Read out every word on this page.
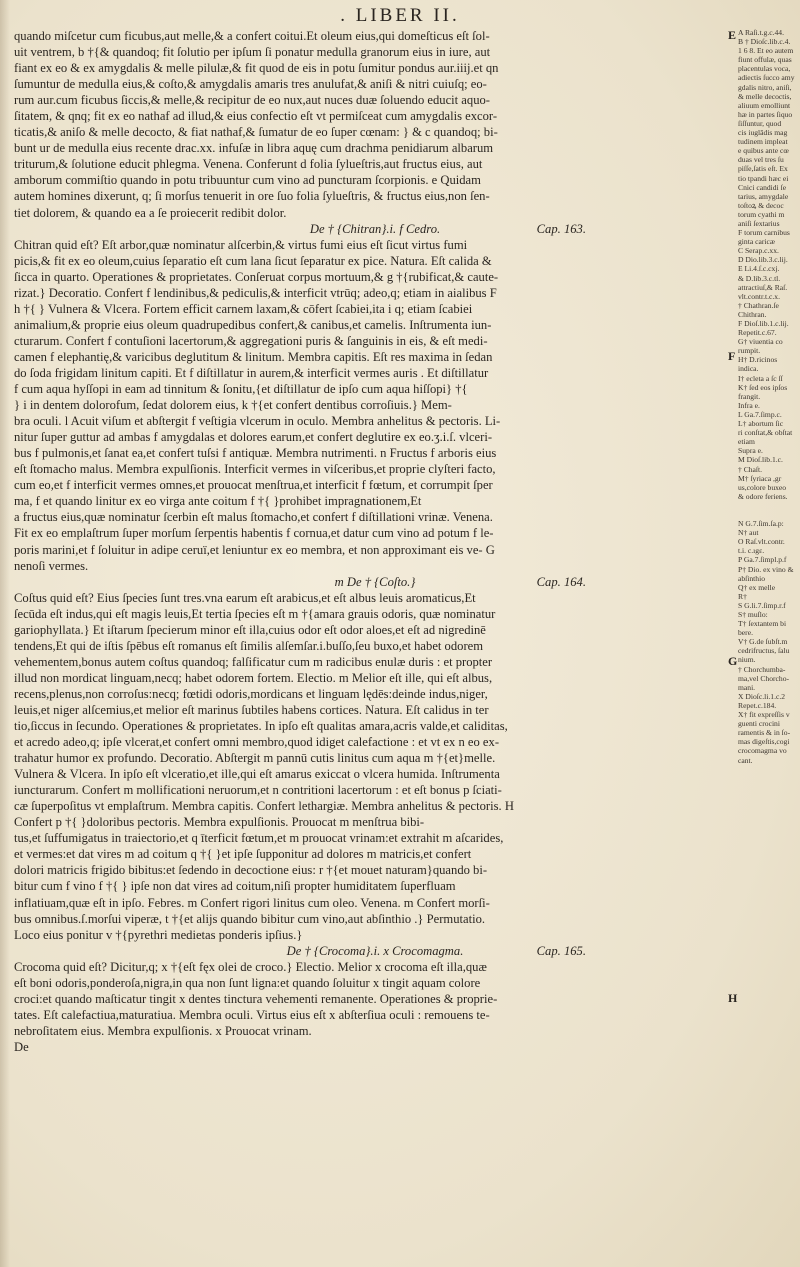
. LIBER II.

quando miſcetur cum ficubus,aut melle,& a confert coitui.Et oleum eius,qui domeſticus eſt ſol-

uit ventrem, b †{& quandoq; fit ſolutio per ipſum ſi ponatur medulla granorum eius in iure, aut

fiant ex eo & ex amygdalis & melle pilulæ,& fit quod de eis in potu ſumitur pondus aur.iiij.et qn

ſumuntur de medulla eius,& coſto,& amygdalis amaris tres anulufat,& aniſi & nitri cuiuſq; eo-

rum aur.cum ficubus ſiccis,& melle,& recipitur de eo nux,aut nuces duæ ſoluendo educit aquo-

ſitatem, & qnq; fit ex eo nathaf ad illud,& eius confectio eſt vt permiſceat cum amygdalis excor-

ticatis,& aniſo & melle decocto, & fiat nathaf,& ſumatur de eo ſuper cœnam: } & c quandoq; bi-

bunt ur de medulla eius recente drac.xx. infuſæ in libra aquę cum drachma penidiarum albarum

triturum,& ſolutione educit phlegma. Venena. Conferunt d folia ſylueſtris,aut fructus eius, aut

amborum commiſtio quando in potu tribuuntur cum vino ad puncturam ſcorpionis. e Quidam

autem homines dixerunt, q; ſi morſus tenuerit in ore ſuo folia ſylueſtris, & fructus eius,non ſen-

tiet dolorem, & quando ea a ſe proiecerit redibit dolor.

De † {Chitran}.i. f Cedro.	Cap. 163.

Chitran quid eſt? Eſt arbor,quæ nominatur alſcerbin,& virtus fumi eius eſt ſicut virtus fumi

picis,& fit ex eo oleum,cuius ſeparatio eſt cum lana ſicut ſeparatur ex pice. Natura. Eſt calida &

ſicca in quarto. Operationes & proprietates. Conſeruat corpus mortuum,& g †{rubificat,& caute-

rizat.} Decoratio. Confert f lendinibus,& pediculis,& interficit vtrūq; adeo,q; etiam in aialibus F

h †{ } Vulnera & Vlcera. Fortem efficit carnem laxam,& cōfert ſcabiei,ita i q; etiam ſcabiei

animalium,& proprie eius oleum quadrupedibus confert,& canibus,et camelis. Inſtrumenta iun-

cturarum. Confert f contuſioni lacertorum,& aggregationi puris & ſanguinis in eis, & eſt medi-

camen f elephantię,& varicibus deglutitum & linitum. Membra capitis. Eſt res maxima in ſedan

do ſoda frigidam linitum capiti. Et f diſtillatur in aurem,& interficit vermes auris . Et diſtillatur

f cum aqua hyſſopi in eam ad tinnitum & ſonitu,{et diſtillatur de ipſo cum aqua hiſſopi} †{

} i in dentem dolorofum, ſedat dolorem eius, k †{et confert dentibus corroſiuis.} Mem-

bra oculi. l Acuit viſum et abſtergit f veſtigia vlcerum in oculo. Membra anhelitus & pectoris. Li-

nitur ſuper guttur ad ambas f amygdalas et dolores earum,et confert deglutire ex eo.ʒ.i.ſ. vlceri-

bus f pulmonis,et ſanat ea,et confert tuſsi f antiquæ. Membra nutrimenti. n Fructus f arboris eius

eſt ſtomacho malus. Membra expulſionis. Interficit vermes in viſceribus,et proprie clyſteri facto,

cum eo,et f interficit vermes omnes,et prouocat menſtrua,et interficit f fœtum, et corrumpit ſper

ma, f et quando linitur ex eo virga ante coitum f †{ }prohibet impragnationem,Et

a fructus eius,quæ nominatur ſcerbin eſt malus ſtomacho,et confert f diſtillationi vrinæ. Venena.

Fit ex eo emplaſtrum ſuper morſum ſerpentis habentis f cornua,et datur cum vino ad potum f le-

poris marini,et f ſoluitur in adipe ceruï,et leniuntur ex eo membra, et non approximant eis ve- G

nenoſi vermes.

m De † {Coſto.}	Cap. 164.

Coſtus quid eſt? Eius ſpecies ſunt tres.vna earum eſt arabicus,et eſt albus leuis aromaticus,Et

ſecūda eſt indus,qui eſt magis leuis,Et tertia ſpecies eſt m †{amara grauis odoris, quæ nominatur

gariophyllata.} Et iſtarum ſpecierum minor eſt illa,cuius odor eſt odor aloes,et eſt ad nigredinē

tendens,Et qui de iſtis ſpēbus eſt romanus eſt ſimilis alſemſar.i.buſſo,ſeu buxo,et habet odorem

vehementem,bonus autem coſtus quandoq; falſificatur cum m radicibus enulæ duris : et propter

illud non mordicat linguam,necq; habet odorem fortem. Electio. m Melior eſt ille, qui eſt albus,

recens,plenus,non corroſus:necq; fœtidi odoris,mordicans et linguam lędēs:deinde indus,niger,

leuis,et niger alſcemius,et melior eſt marinus ſubtiles habens cortices. Natura. Eſt calidus in ter

tio,ſiccus in ſecundo. Operationes & proprietates. In ipſo eſt qualitas amara,acris valde,et caliditas,

et acredo adeo,q; ipſe vlcerat,et confert omni membro,quod idiget calefactione : et vt ex n eo ex-

trahatur humor ex profundo. Decoratio. Abſtergit m pannū cutis linitus cum aqua m †{et}melle.

Vulnera & Vlcera. In ipſo eſt vlceratio,et ille,qui eſt amarus exiccat o vlcera humida. Inſtrumenta

iuncturarum. Confert m mollificationi neruorum,et n contritioni lacertorum : et eſt bonus p ſciati-

cæ ſuperpoſitus vt emplaſtrum. Membra capitis. Confert lethargiæ. Membra anhelitus & pectoris. H

Confert p †{ }doloribus pectoris. Membra expulſionis. Prouocat m menſtrua bibi-

tus,et ſuffumigatus in traiectorio,et q īterficit fœtum,et m prouocat vrinam:et extrahit m aſcarides,

et vermes:et dat vires m ad coitum q †{ }et ipſe ſupponitur ad dolores m matricis,et confert

dolori matricis frigido bibitus:et ſedendo in decoctione eius: r †{et mouet naturam}quando bi-

bitur cum f vino f †{ } ipſe non dat vires ad coitum,niſi propter humiditatem ſuperfluam

inflatiuam,quæ eſt in ipſo. Febres. m Confert rigori linitus cum oleo. Venena. m Confert morſi-

bus omnibus.ſ.morſui viperæ, t †{et alijs quando bibitur cum vino,aut abſinthio .} Permutatio.

Loco eius ponitur v †{pyrethri medietas ponderis ipſius.}

De † {Crocoma}.i. x Crocomagma.	Cap. 165.

Crocoma quid eſt? Dicitur,q; x †{eſt fęx olei de croco.} Electio. Melior x crocoma eſt illa,quæ

eſt boni odoris,ponderoſa,nigra,in qua non ſunt ligna:et quando ſoluitur x tingit aquam colore

croci:et quando maſticatur tingit x dentes tinctura vehementi remanente. Operationes & proprie-

tates. Eſt calefactiua,maturatiua. Membra oculi. Virtus eius eſt x abſterſiua oculi : remouens te-

nebroſitatem eius. Membra expulſionis. x Prouocat vrinam.

De

E
F
G
H
A Raſi.t.g.c.44.
B † Dioſc.lib.c.4.
1 6 8. Et eo autem
fiunt offulæ, quas
placentulas voca,
adiectis ſucco amy
gdalis nitro, aniſi,
& melle decoctis,
aliuum emolliunt
hæ in partes ſiquo
ſiſſuntur, quod
cis iuglādis mag
tudinem impleat
e quibus ante cœ
duas vel tres ſu
piſſe,ſatis eſt. Ex
tio tpandi hæc ei
Cnici candidi ſe
tarius, amygdale
toſtoꝝ & decoc
torum cyathi m
aniſi ſextarius
F torum carnibus
ginta caricæ
C Serap.c.xx.
D Dio.lib.3.c.lij.
E Li.4.ſ.c.cxj.
& D.lib.3.c.tl.
attractiuſ,& Raſ.
vlt.contr.t.c.x.
† Chathran.ſe
Chithran.
F Dioſ.lib.1.c.lij.
Repetit.c.67.
G† viuentia co
rumpit.
H† D.ricinos
indica.
I† ecleta a ſc ſſ
K† ſed eos ipſos
frangit.
Infra e.
L Ga.7.ſimp.c.
L† abortum ſic
ri conſtat,& obſtat
etiam
Supra e.
M Dioſ.lib.1.c.
† Chaſt.
M† ſyriaca ,gr
us,colore buxeo
& odore feriens.

N G.7.ſim.ſa.p:
N† aut
O Raſ.vlt.contr.
t.i. c.ıgε.
P Ga.7.ſimpl.p.f
P† Dio. ex vino &
abſinthio
Q† ex melle
R†
S G.li.7.ſimp.r.f
S† muſlo:
T† ſextantem bi
bere.
V† G.de ſubſt.m
cedrifructus, ſalu
nium.
† Chorchumba-
ma,vel Chorcho-
mani.
X Dioſc.li.1.c.2
Repet.c.184.
X† fit expreſſis v
guenti crocini
ramentis & in ſo-
mas digeſtis,cogi
crocomagma vo
cant.
